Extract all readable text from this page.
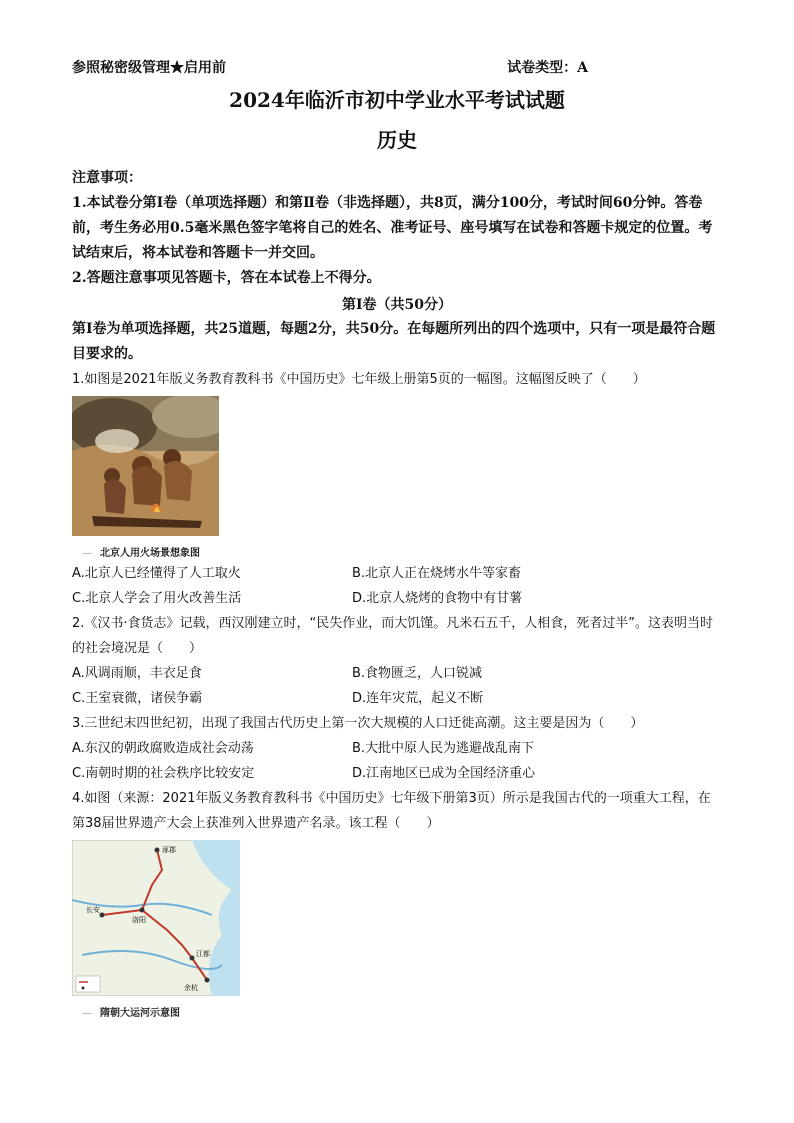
参照秘密级管理★启用前	试卷类型：A
2024年临沂市初中学业水平考试试题
历史

注意事项：

1.本试卷分第Ⅰ卷（单项选择题）和第Ⅱ卷（非选择题），共8页，满分100分，考试时间60分钟。答卷前，考生务必用0.5毫米黑色签字笔将自己的姓名、准考证号、座号填写在试卷和答题卡规定的位置。考试结束后，将本试卷和答题卡一并交回。

2.答题注意事项见答题卡，答在本试卷上不得分。

第Ⅰ卷（共50分）
第Ⅰ卷为单项选择题，共25道题，每题2分，共50分。在每题所列出的四个选项中，只有一项是最符合题目要求的。

1.如图是2021年版义务教育教科书《中国历史》七年级上册第5页的一幅图。这幅图反映了（　　）

— 北京人用火场景想象图
A.北京人已经懂得了人工取火	B.北京人正在烧烤水牛等家畜
C.北京人学会了用火改善生活	D.北京人烧烤的食物中有甘薯

2.《汉书·食货志》记载，西汉刚建立时，“民失作业，而大饥馑。凡米石五千，人相食，死者过半”。这表明当时的社会境况是（　　）

A.风调雨顺，丰衣足食	B.食物匮乏，人口锐减
C.王室衰微，诸侯争霸	D.连年灾荒，起义不断

3.三世纪末四世纪初，出现了我国古代历史上第一次大规模的人口迁徙高潮。这主要是因为（　　）

A.东汉的朝政腐败造成社会动荡	B.大批中原人民为逃避战乱南下
C.南朝时期的社会秩序比较安定	D.江南地区已成为全国经济重心

4.如图（来源：2021年版义务教育教科书《中国历史》七年级下册第3页）所示是我国古代的一项重大工程，在第38届世界遗产大会上获准列入世界遗产名录。该工程（　　）

涿郡
长安
洛阳
江都
余杭
— 隋朝大运河示意图
